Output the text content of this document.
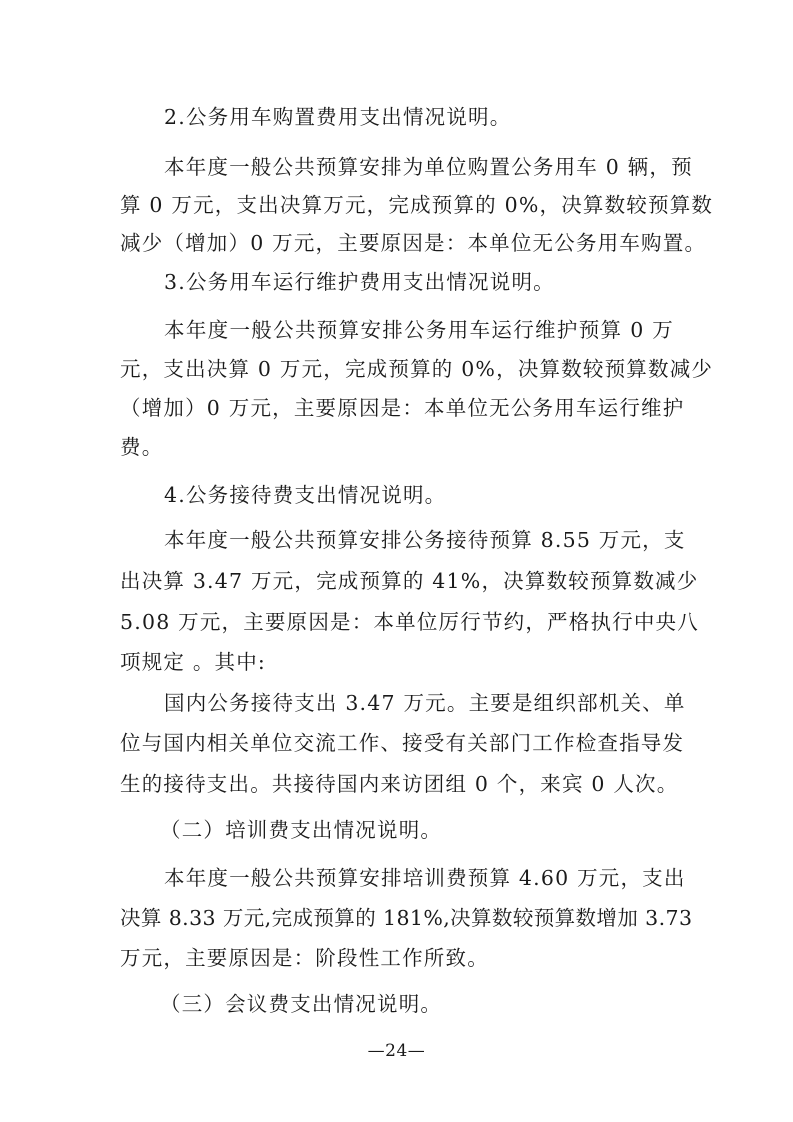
2.公务用车购置费用支出情况说明。
本年度一般公共预算安排为单位购置公务用车 0 辆，预
算 0 万元，支出决算万元，完成预算的 0%，决算数较预算数
减少（增加）0 万元，主要原因是：本单位无公务用车购置。
3.公务用车运行维护费用支出情况说明。
本年度一般公共预算安排公务用车运行维护预算 0 万
元，支出决算 0 万元，完成预算的 0%，决算数较预算数减少
（增加）0 万元，主要原因是：本单位无公务用车运行维护
费。
4.公务接待费支出情况说明。
本年度一般公共预算安排公务接待预算 8.55 万元，支
出决算 3.47 万元，完成预算的 41%，决算数较预算数减少
5.08 万元，主要原因是：本单位厉行节约，严格执行中央八
项规定 。其中:
国内公务接待支出 3.47 万元。主要是组织部机关、单
位与国内相关单位交流工作、接受有关部门工作检查指导发
生的接待支出。共接待国内来访团组 0 个，来宾 0 人次。
（二）培训费支出情况说明。
本年度一般公共预算安排培训费预算 4.60 万元，支出
决算 8.33 万元,完成预算的 181%,决算数较预算数增加 3.73
万元，主要原因是：阶段性工作所致。
（三）会议费支出情况说明。
—24—
